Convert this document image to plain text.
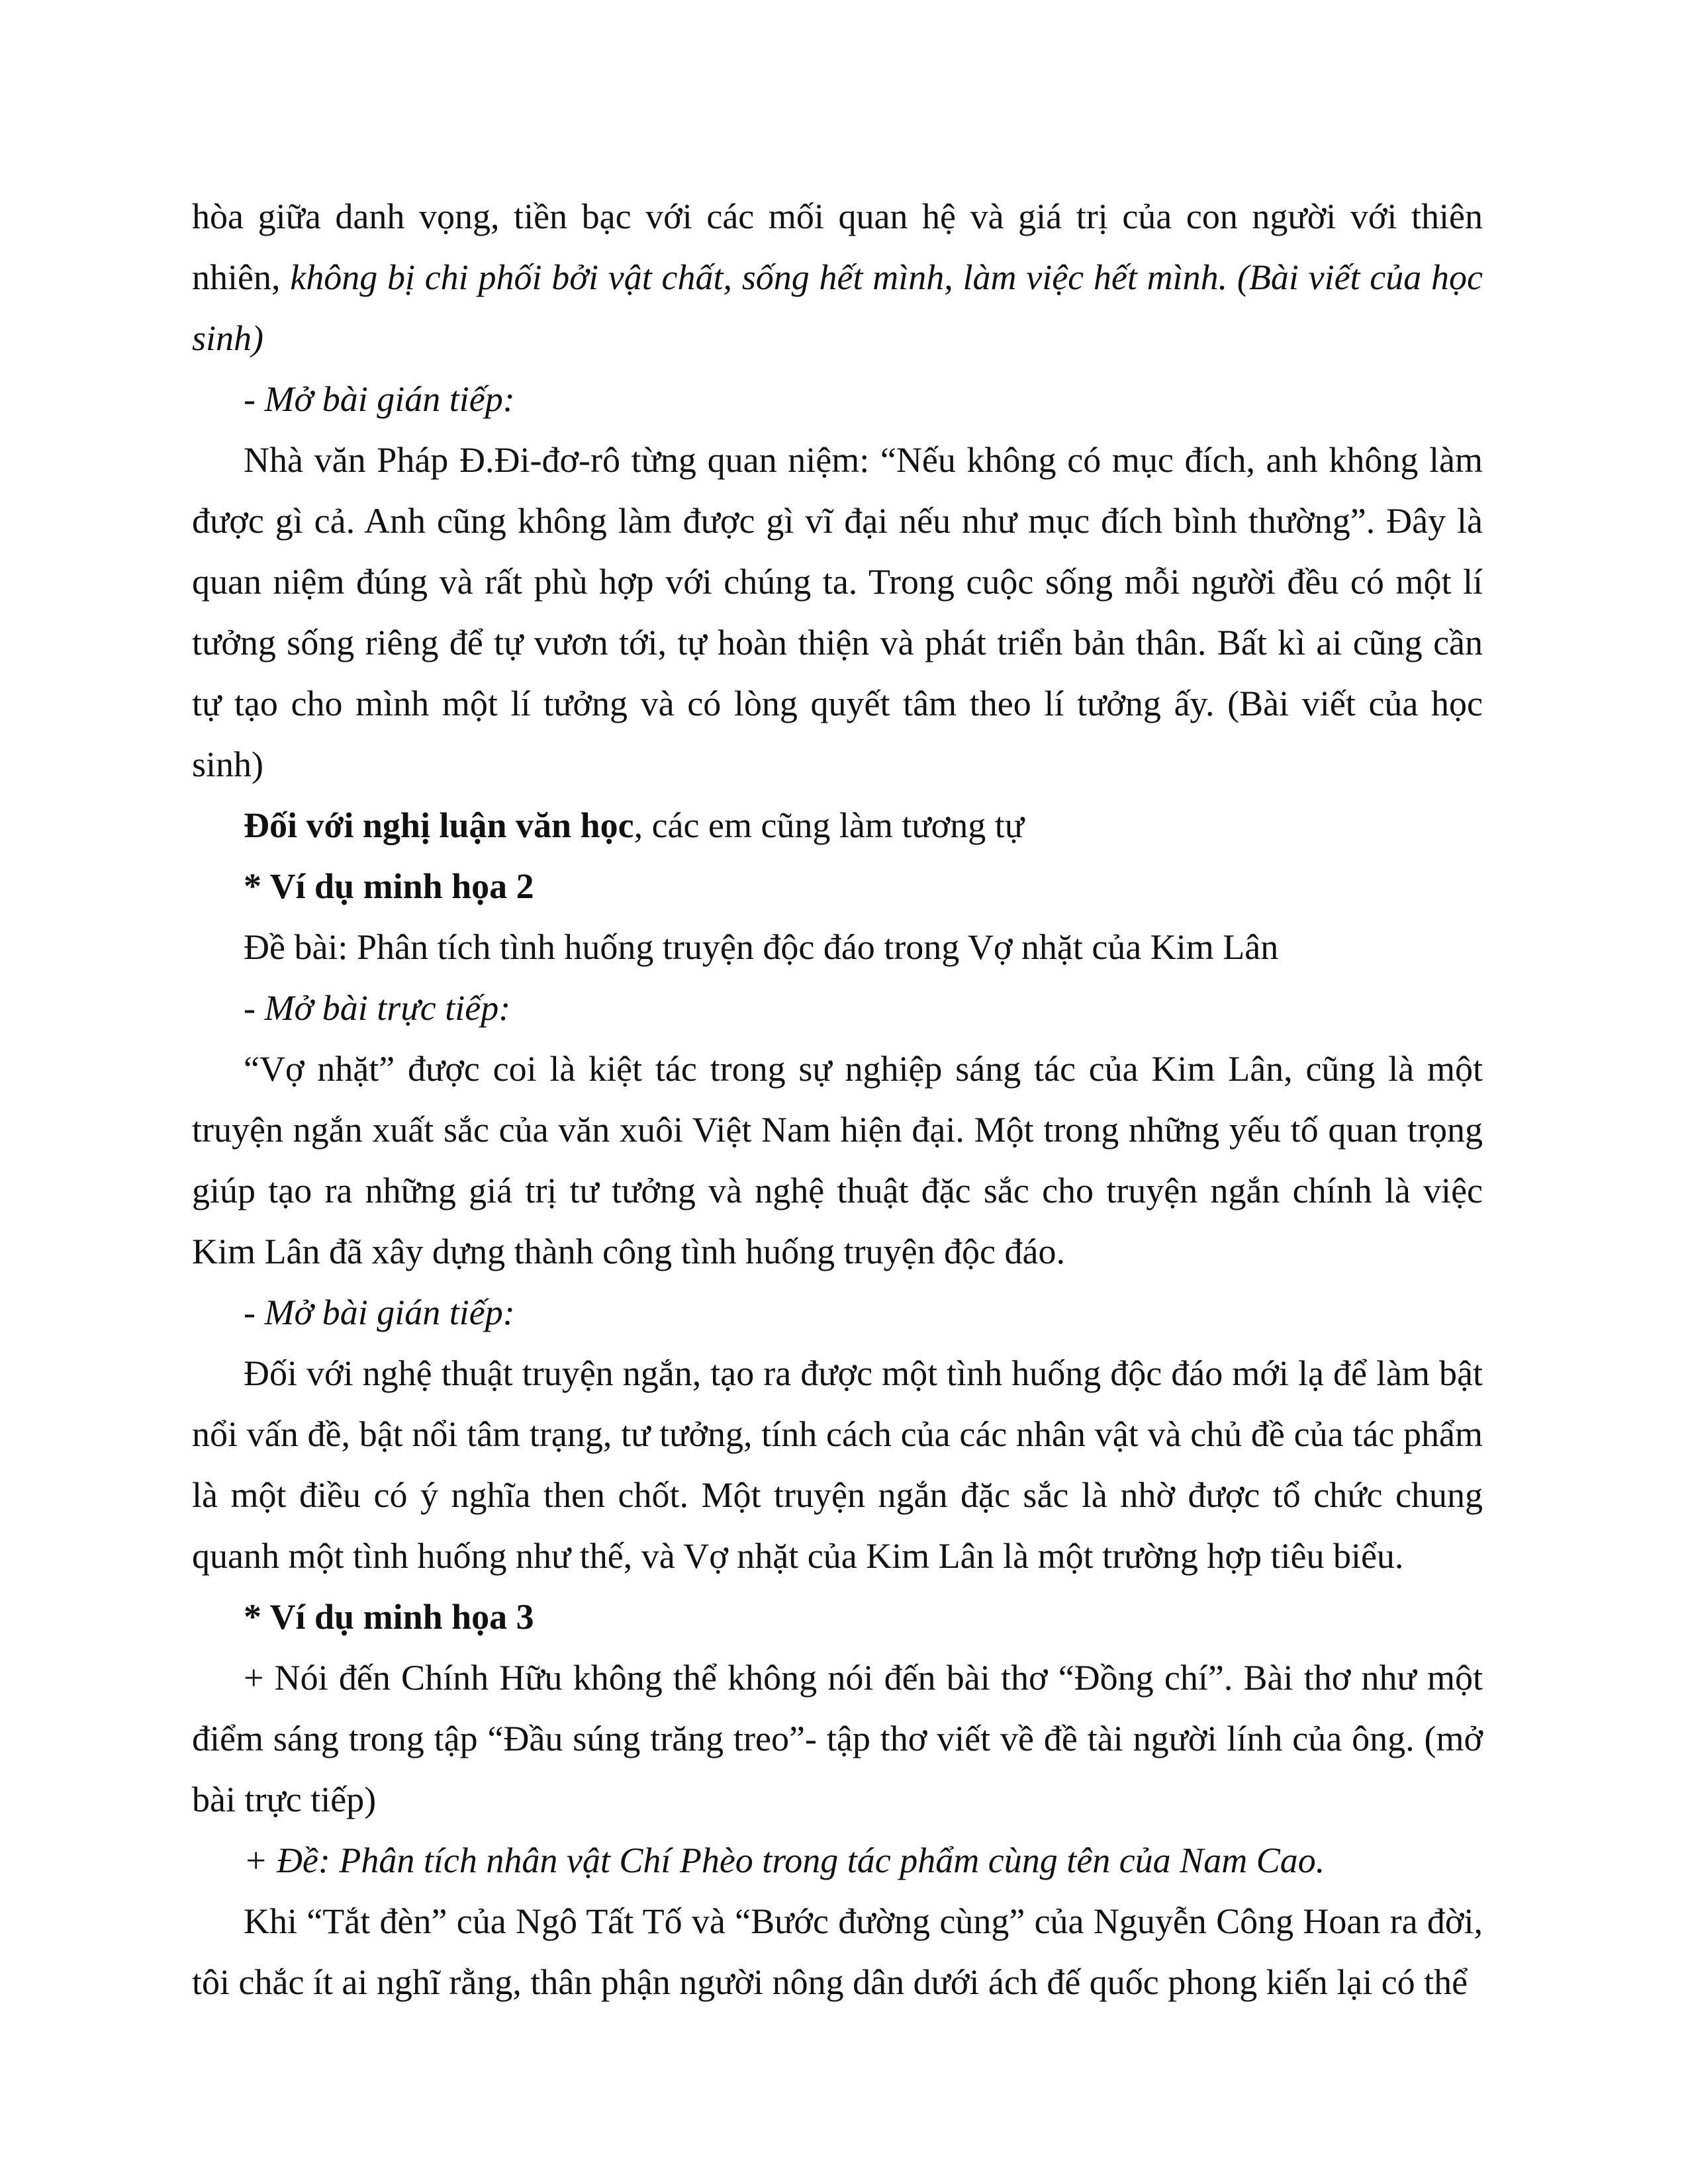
hòa giữa danh vọng, tiền bạc với các mối quan hệ và giá trị của con người với thiên nhiên, không bị chi phối bởi vật chất, sống hết mình, làm việc hết mình. (Bài viết của học sinh)

- Mở bài gián tiếp:

Nhà văn Pháp Đ.Đi-đơ-rô từng quan niệm: “Nếu không có mục đích, anh không làm được gì cả. Anh cũng không làm được gì vĩ đại nếu như mục đích bình thường”. Đây là quan niệm đúng và rất phù hợp với chúng ta. Trong cuộc sống mỗi người đều có một lí tưởng sống riêng để tự vươn tới, tự hoàn thiện và phát triển bản thân. Bất kì ai cũng cần tự tạo cho mình một lí tưởng và có lòng quyết tâm theo lí tưởng ấy. (Bài viết của học sinh)

Đối với nghị luận văn học, các em cũng làm tương tự

* Ví dụ minh họa 2

Đề bài: Phân tích tình huống truyện độc đáo trong Vợ nhặt của Kim Lân

- Mở bài trực tiếp:

“Vợ nhặt” được coi là kiệt tác trong sự nghiệp sáng tác của Kim Lân, cũng là một truyện ngắn xuất sắc của văn xuôi Việt Nam hiện đại. Một trong những yếu tố quan trọng giúp tạo ra những giá trị tư tưởng và nghệ thuật đặc sắc cho truyện ngắn chính là việc Kim Lân đã xây dựng thành công tình huống truyện độc đáo.

- Mở bài gián tiếp:

Đối với nghệ thuật truyện ngắn, tạo ra được một tình huống độc đáo mới lạ để làm bật nổi vấn đề, bật nổi tâm trạng, tư tưởng, tính cách của các nhân vật và chủ đề của tác phẩm là một điều có ý nghĩa then chốt. Một truyện ngắn đặc sắc là nhờ được tổ chức chung quanh một tình huống như thế, và Vợ nhặt của Kim Lân là một trường hợp tiêu biểu.

* Ví dụ minh họa 3

+ Nói đến Chính Hữu không thể không nói đến bài thơ “Đồng chí”. Bài thơ như một điểm sáng trong tập “Đầu súng trăng treo”- tập thơ viết về đề tài người lính của ông. (mở bài trực tiếp)

+ Đề: Phân tích nhân vật Chí Phèo trong tác phẩm cùng tên của Nam Cao.

Khi “Tắt đèn” của Ngô Tất Tố và “Bước đường cùng” của Nguyễn Công Hoan ra đời, tôi chắc ít ai nghĩ rằng, thân phận người nông dân dưới ách đế quốc phong kiến lại có thể
